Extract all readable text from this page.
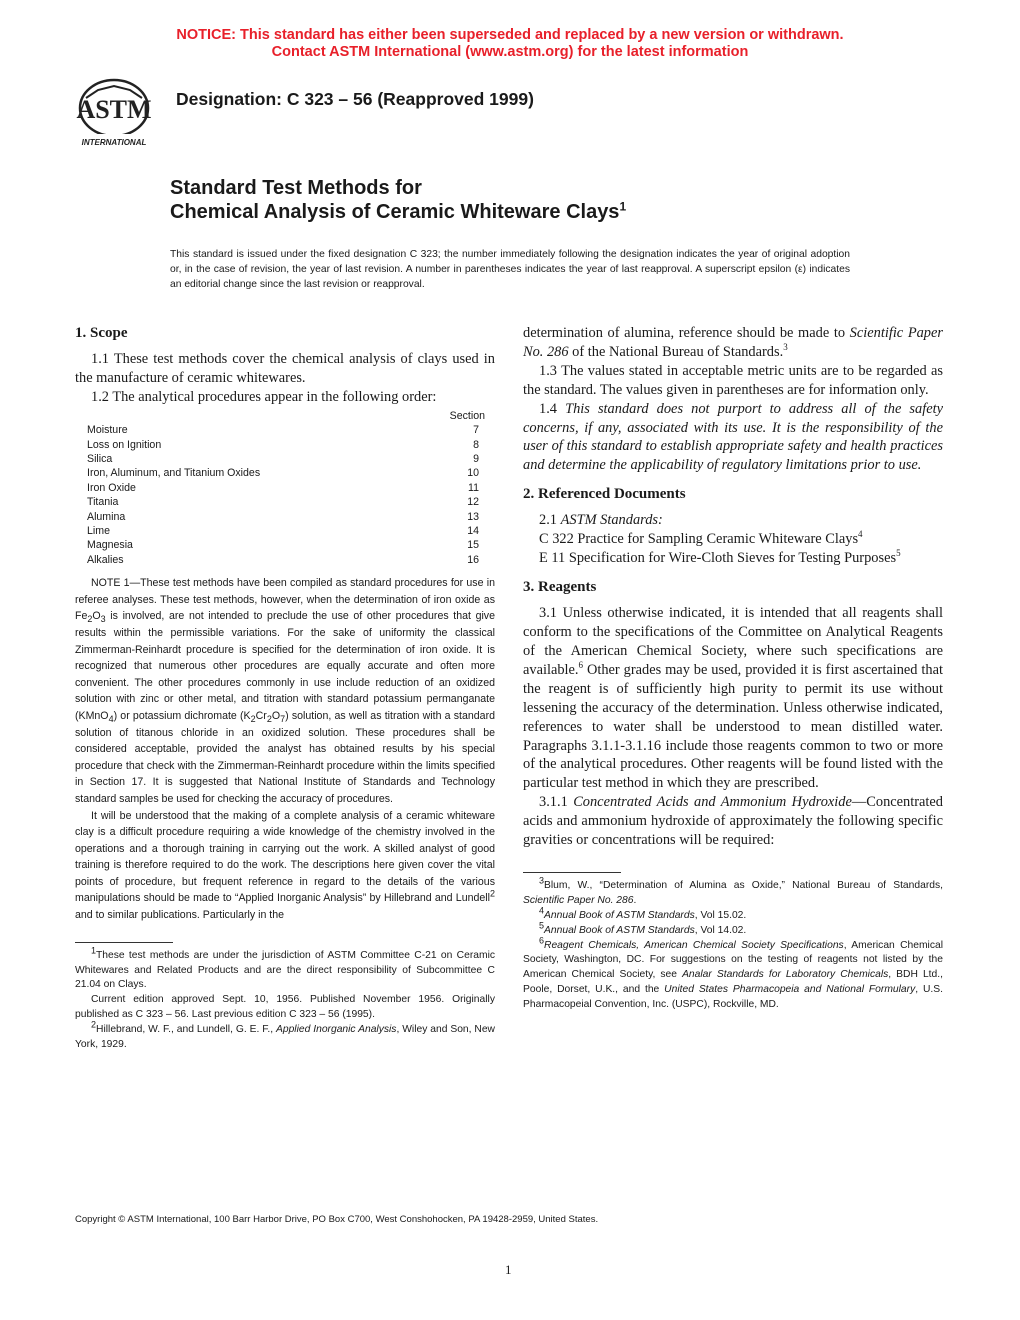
NOTICE: This standard has either been superseded and replaced by a new version or withdrawn.
Contact ASTM International (www.astm.org) for the latest information
ASTM
INTERNATIONAL
Designation: C 323 – 56 (Reapproved 1999)
Standard Test Methods for
Chemical Analysis of Ceramic Whiteware Clays$^1$
This standard is issued under the fixed designation C 323; the number immediately following the designation indicates the year of original adoption or, in the case of revision, the year of last revision. A number in parentheses indicates the year of last reapproval. A superscript epsilon (ε) indicates an editorial change since the last revision or reapproval.
1. Scope

1.1 These test methods cover the chemical analysis of clays used in the manufacture of ceramic whitewares.

1.2 The analytical procedures appear in the following order:

Section
Moisture	7
Loss on Ignition	8
Silica	9
Iron, Aluminum, and Titanium Oxides	10
Iron Oxide	11
Titania	12
Alumina	13
Lime	14
Magnesia	15
Alkalies	16

NOTE 1—These test methods have been compiled as standard procedures for use in referee analyses. These test methods, however, when the determination of iron oxide as $Fe_2O_3$ is involved, are not intended to preclude the use of other procedures that give results within the permissible variations. For the sake of uniformity the classical Zimmerman-Reinhardt procedure is specified for the determination of iron oxide. It is recognized that numerous other procedures are equally accurate and often more convenient. The other procedures commonly in use include reduction of an oxidized solution with zinc or other metal, and titration with standard potassium permanganate (KMnO$_4$) or potassium dichromate $(K_2Cr_2O_7)$ solution, as well as titration with a standard solution of titanous chloride in an oxidized solution. These procedures shall be considered acceptable, provided the analyst has obtained results by his special procedure that check with the Zimmerman-Reinhardt procedure within the limits specified in Section 17. It is suggested that National Institute of Standards and Technology standard samples be used for checking the accuracy of procedures.

It will be understood that the making of a complete analysis of a ceramic whiteware clay is a difficult procedure requiring a wide knowledge of the chemistry involved in the operations and a thorough training in carrying out the work. A skilled analyst of good training is therefore required to do the work. The descriptions here given cover the vital points of procedure, but frequent reference in regard to the details of the various manipulations should be made to “Applied Inorganic Analysis” by Hillebrand and Lundell$^2$ and to similar publications. Particularly in the

$^1$These test methods are under the jurisdiction of ASTM Committee C-21 on Ceramic Whitewares and Related Products and are the direct responsibility of Subcommittee C 21.04 on Clays.

Current edition approved Sept. 10, 1956. Published November 1956. Originally published as C 323 – 56. Last previous edition C 323 – 56 (1995).

$^2$Hillebrand, W. F., and Lundell, G. E. F., Applied Inorganic Analysis, Wiley and Son, New York, 1929.

determination of alumina, reference should be made to Scientific Paper No. 286 of the National Bureau of Standards.$^3$

1.3 The values stated in acceptable metric units are to be regarded as the standard. The values given in parentheses are for information only.

1.4 This standard does not purport to address all of the safety concerns, if any, associated with its use. It is the responsibility of the user of this standard to establish appropriate safety and health practices and determine the applicability of regulatory limitations prior to use.

2. Referenced Documents

2.1 ASTM Standards:

C 322 Practice for Sampling Ceramic Whiteware Clays$^4$

E 11 Specification for Wire-Cloth Sieves for Testing Purposes$^5$

3. Reagents

3.1 Unless otherwise indicated, it is intended that all reagents shall conform to the specifications of the Committee on Analytical Reagents of the American Chemical Society, where such specifications are available.$^6$ Other grades may be used, provided it is first ascertained that the reagent is of sufficiently high purity to permit its use without lessening the accuracy of the determination. Unless otherwise indicated, references to water shall be understood to mean distilled water. Paragraphs 3.1.1-3.1.16 include those reagents common to two or more of the analytical procedures. Other reagents will be found listed with the particular test method in which they are prescribed.

3.1.1 Concentrated Acids and Ammonium Hydroxide—Concentrated acids and ammonium hydroxide of approximately the following specific gravities or concentrations will be required:

$^3$Blum, W., “Determination of Alumina as Oxide,” National Bureau of Standards, Scientific Paper No. 286.

$^4$Annual Book of ASTM Standards, Vol 15.02.

$^5$Annual Book of ASTM Standards, Vol 14.02.

$^6$Reagent Chemicals, American Chemical Society Specifications, American Chemical Society, Washington, DC. For suggestions on the testing of reagents not listed by the American Chemical Society, see Analar Standards for Laboratory Chemicals, BDH Ltd., Poole, Dorset, U.K., and the United States Pharmacopeia and National Formulary, U.S. Pharmacopeial Convention, Inc. (USPC), Rockville, MD.

Copyright © ASTM International, 100 Barr Harbor Drive, PO Box C700, West Conshohocken, PA 19428-2959, United States.
1
